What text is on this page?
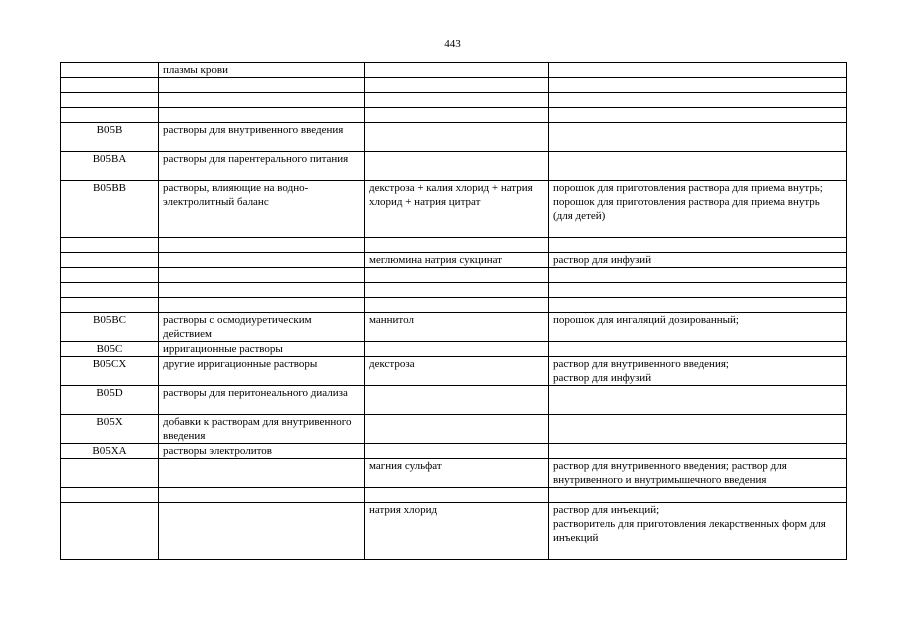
443
	плазмы крови		

B05B	растворы для внутривенного введения		
B05BA	растворы для парентерального питания		
B05BB	растворы, влияющие на водно-электролитный баланс	декстроза + калия хлорид + натрия хлорид + натрия цитрат	порошок для приготовления раствора для приема внутрь;
порошок для приготовления раствора для приема внутрь (для детей)

		меглюмина натрия сукцинат	раствор для инфузий

B05BC	растворы с осмодиуретическим действием	маннитол	порошок для ингаляций дозированный;
B05C	ирригационные растворы		
B05CX	другие ирригационные растворы	декстроза	раствор для внутривенного введения;
раствор для инфузий
B05D	растворы для перитонеального диализа		
B05X	добавки к растворам для внутривенного введения		
B05XA	растворы электролитов		
		магния сульфат	раствор для внутривенного введения; раствор для внутривенного и внутримышечного введения

		натрия хлорид	раствор для инъекций;
растворитель для приготовления лекарственных форм для инъекций
